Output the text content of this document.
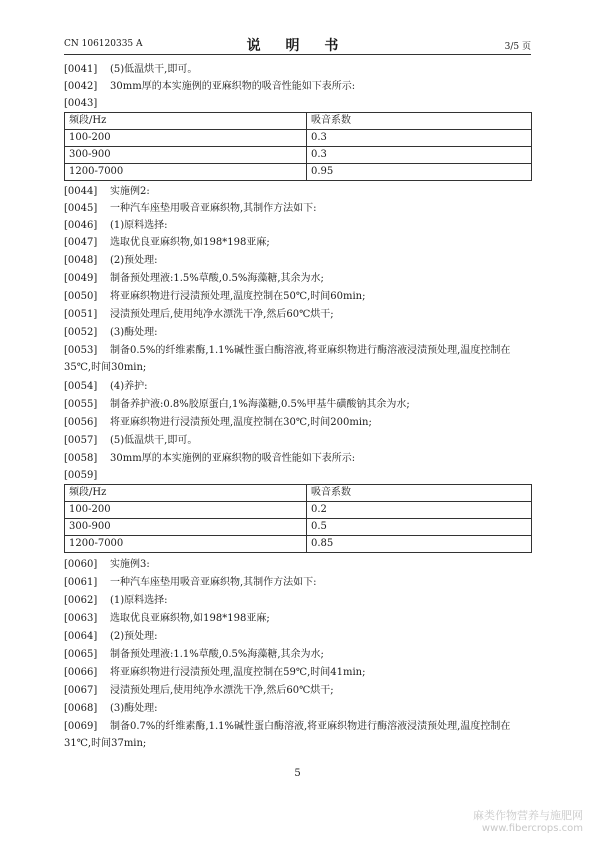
CN 106120335 A	说 明 书	3/5 页
[0041] (5)低温烘干,即可。
[0042] 30mm厚的本实施例的亚麻织物的吸音性能如下表所示:
[0043]
频段/Hz	吸音系数
100-200	0.3
300-900	0.3
1200-7000	0.95
[0044] 实施例2:
[0045] 一种汽车座垫用吸音亚麻织物,其制作方法如下:
[0046] (1)原料选择:
[0047] 选取优良亚麻织物,如198*198亚麻;
[0048] (2)预处理:
[0049] 制备预处理液:1.5%草酸,0.5%海藻糖,其余为水;
[0050] 将亚麻织物进行浸渍预处理,温度控制在50℃,时间60min;
[0051] 浸渍预处理后,使用纯净水漂洗干净,然后60℃烘干;
[0052] (3)酶处理:
[0053] 制备0.5%的纤维素酶,1.1%碱性蛋白酶溶液,将亚麻织物进行酶溶液浸渍预处理,温度控制在35℃,时间30min;
[0054] (4)养护:
[0055] 制备养护液:0.8%胶原蛋白,1%海藻糖,0.5%甲基牛磺酸钠其余为水;
[0056] 将亚麻织物进行浸渍预处理,温度控制在30℃,时间200min;
[0057] (5)低温烘干,即可。
[0058] 30mm厚的本实施例的亚麻织物的吸音性能如下表所示:
[0059]
频段/Hz	吸音系数
100-200	0.2
300-900	0.5
1200-7000	0.85
[0060] 实施例3:
[0061] 一种汽车座垫用吸音亚麻织物,其制作方法如下:
[0062] (1)原料选择:
[0063] 选取优良亚麻织物,如198*198亚麻;
[0064] (2)预处理:
[0065] 制备预处理液:1.1%草酸,0.5%海藻糖,其余为水;
[0066] 将亚麻织物进行浸渍预处理,温度控制在59℃,时间41min;
[0067] 浸渍预处理后,使用纯净水漂洗干净,然后60℃烘干;
[0068] (3)酶处理:
[0069] 制备0.7%的纤维素酶,1.1%碱性蛋白酶溶液,将亚麻织物进行酶溶液浸渍预处理,温度控制在31℃,时间37min;
5
麻类作物营养与施肥网
www.fibercrops.com
